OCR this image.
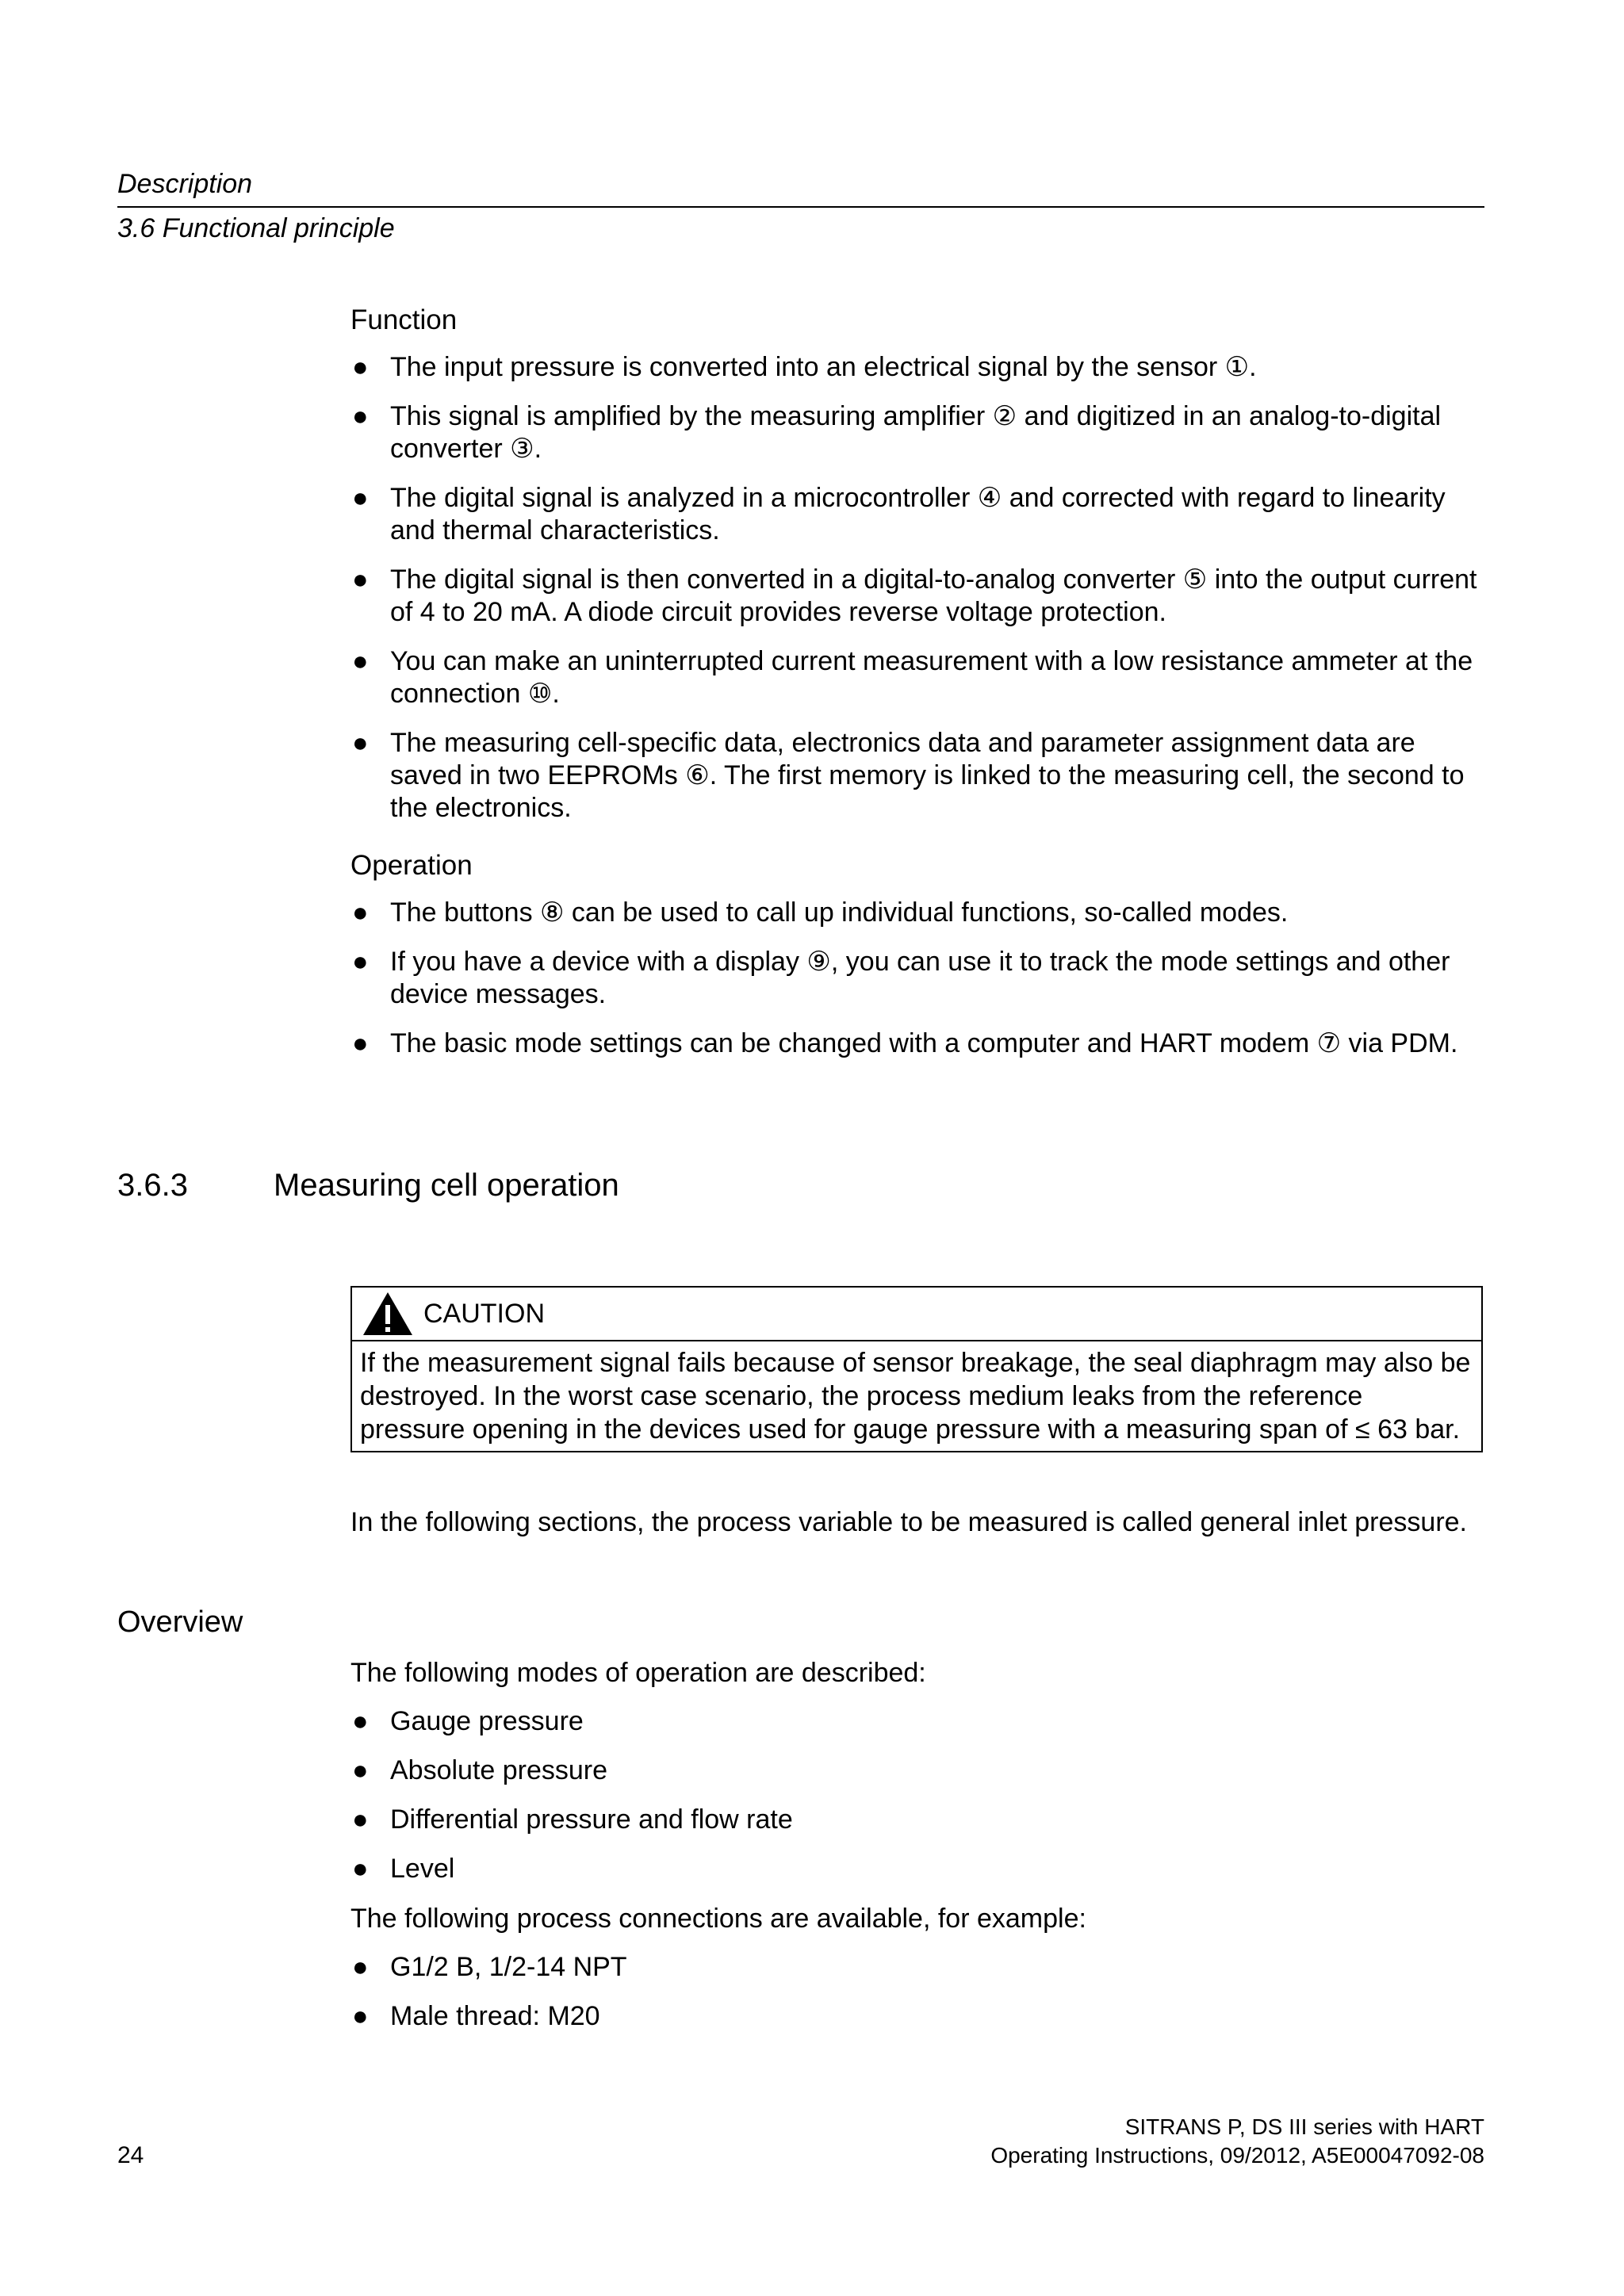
Description
3.6 Functional principle
Function
● The input pressure is converted into an electrical signal by the sensor ①.
● This signal is amplified by the measuring amplifier ② and digitized in an analog-to-digital converter ③.
● The digital signal is analyzed in a microcontroller ④ and corrected with regard to linearity and thermal characteristics.
● The digital signal is then converted in a digital-to-analog converter ⑤ into the output current of 4 to 20 mA. A diode circuit provides reverse voltage protection.
● You can make an uninterrupted current measurement with a low resistance ammeter at the connection ⑩.
● The measuring cell-specific data, electronics data and parameter assignment data are saved in two EEPROMs ⑥. The first memory is linked to the measuring cell, the second to the electronics.
Operation
● The buttons ⑧ can be used to call up individual functions, so-called modes.
● If you have a device with a display ⑨, you can use it to track the mode settings and other device messages.
● The basic mode settings can be changed with a computer and HART modem ⑦ via PDM.
3.6.3	Measuring cell operation
CAUTION
If the measurement signal fails because of sensor breakage, the seal diaphragm may also be destroyed. In the worst case scenario, the process medium leaks from the reference pressure opening in the devices used for gauge pressure with a measuring span of ≤ 63 bar.
In the following sections, the process variable to be measured is called general inlet pressure.
Overview
The following modes of operation are described:
● Gauge pressure
● Absolute pressure
● Differential pressure and flow rate
● Level
The following process connections are available, for example:
● G1/2 B, 1/2-14 NPT
● Male thread: M20
24
SITRANS P, DS III series with HART
Operating Instructions, 09/2012, A5E00047092-08
